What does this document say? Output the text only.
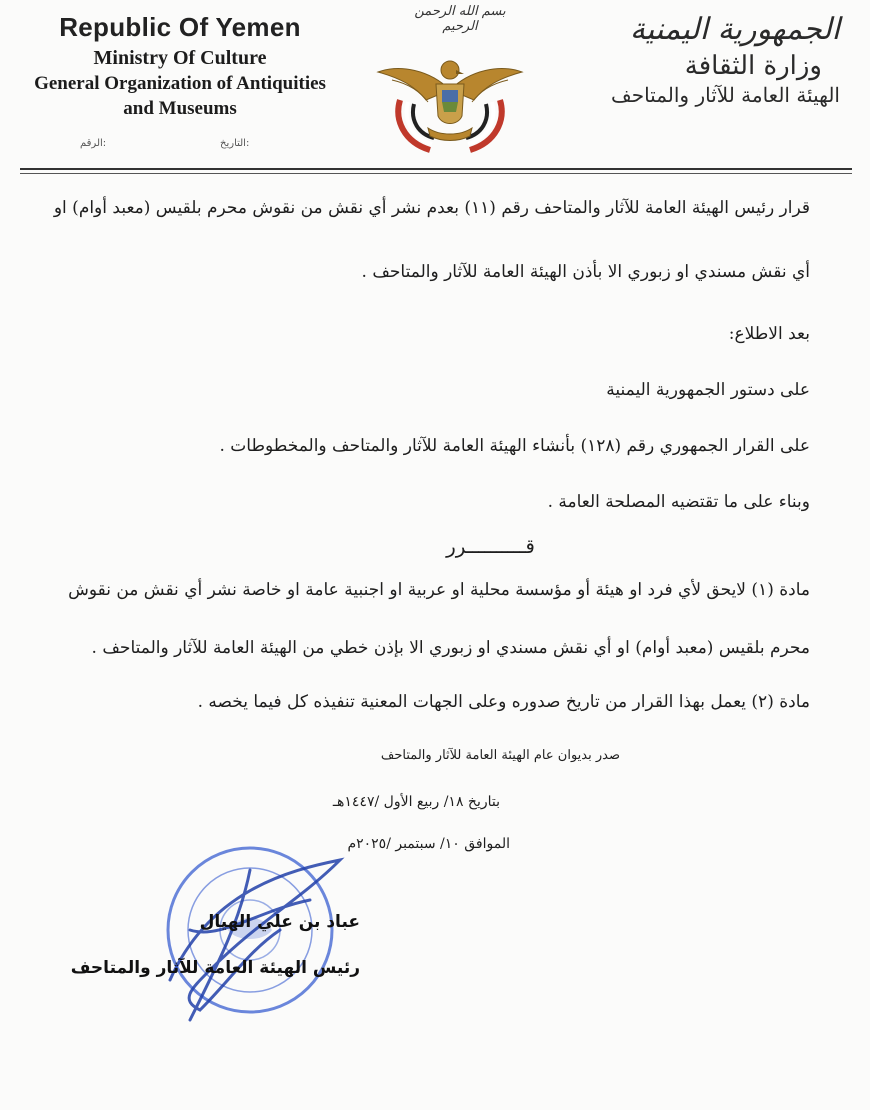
Republic Of Yemen
Ministry Of Culture
General Organization of Antiquities
and Museums
الرقم:	التاريخ:
بسم الله الرحمن الرحيم	الجمهورية اليمنية
وزارة الثقافة
الهيئة العامة للآثار والمتاحف
قرار رئيس الهيئة العامة للآثار والمتاحف رقم (١١) بعدم نشر أي نقش من نقوش محرم بلقيس (معبد أوام) او
أي نقش مسندي او زبوري الا بأذن الهيئة العامة للآثار والمتاحف .
بعد الاطلاع:
على دستور الجمهورية اليمنية
على القرار الجمهوري رقم (١٢٨) بأنشاء الهيئة العامة للآثار والمتاحف والمخطوطات .
وبناء على ما تقتضيه المصلحة العامة .
قــــــــــرر
مادة (١) لايحق لأي فرد او هيئة أو مؤسسة محلية او عربية او اجنبية عامة او خاصة نشر أي نقش من نقوش
محرم بلقيس (معبد أوام) او أي نقش مسندي او زبوري الا بإذن خطي من الهيئة العامة للآثار والمتاحف .
مادة (٢) يعمل بهذا القرار من تاريخ صدوره وعلى الجهات المعنية تنفيذه كل فيما يخصه .
صدر بديوان عام الهيئة العامة للآثار والمتاحف
بتاريخ ١٨/ ربيع الأول /١٤٤٧هـ
الموافق ١٠/ سبتمبر /٢٠٢٥م
عباد بن علي الهيال
رئيس الهيئة العامة للآثار والمتاحف
